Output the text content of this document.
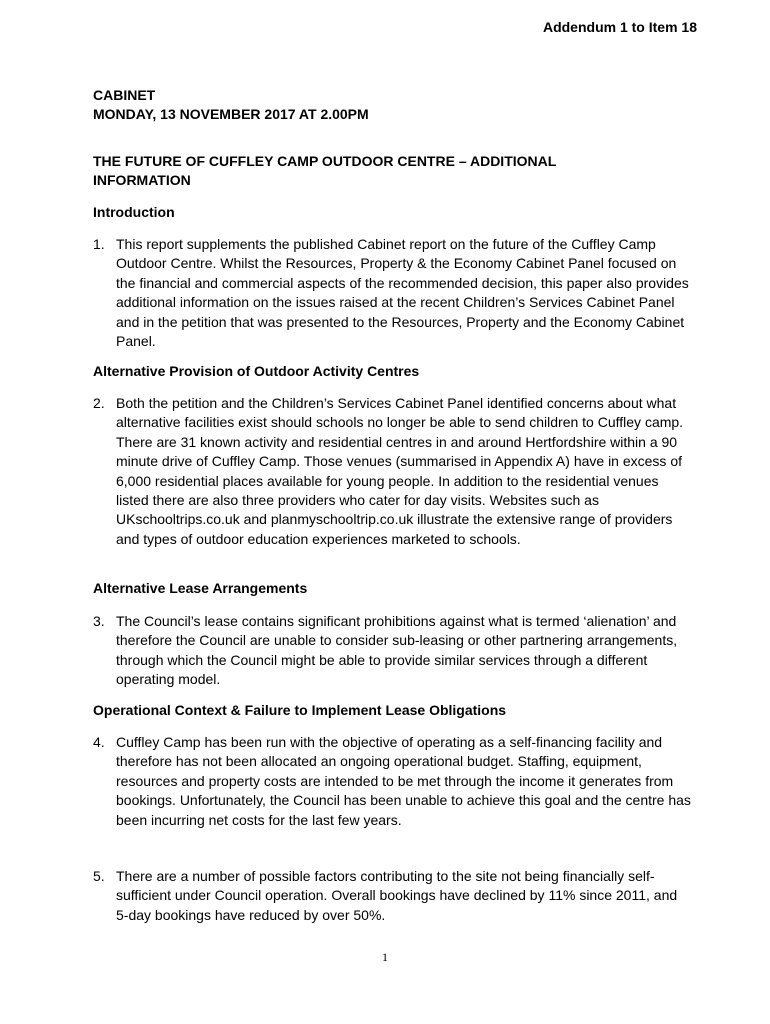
Addendum 1 to Item 18
CABINET
MONDAY, 13 NOVEMBER 2017 AT 2.00PM
THE FUTURE OF CUFFLEY CAMP OUTDOOR CENTRE – ADDITIONAL INFORMATION
Introduction
1. This report supplements the published Cabinet report on the future of the Cuffley Camp Outdoor Centre. Whilst the Resources, Property & the Economy Cabinet Panel focused on the financial and commercial aspects of the recommended decision, this paper also provides additional information on the issues raised at the recent Children’s Services Cabinet Panel and in the petition that was presented to the Resources, Property and the Economy Cabinet Panel.
Alternative Provision of Outdoor Activity Centres
2. Both the petition and the Children’s Services Cabinet Panel identified concerns about what alternative facilities exist should schools no longer be able to send children to Cuffley camp. There are 31 known activity and residential centres in and around Hertfordshire within a 90 minute drive of Cuffley Camp. Those venues (summarised in Appendix A) have in excess of 6,000 residential places available for young people. In addition to the residential venues listed there are also three providers who cater for day visits. Websites such as UKschooltrips.co.uk and planmyschooltrip.co.uk illustrate the extensive range of providers and types of outdoor education experiences marketed to schools.
Alternative Lease Arrangements
3. The Council’s lease contains significant prohibitions against what is termed ‘alienation’ and therefore the Council are unable to consider sub-leasing or other partnering arrangements, through which the Council might be able to provide similar services through a different operating model.
Operational Context & Failure to Implement Lease Obligations
4. Cuffley Camp has been run with the objective of operating as a self-financing facility and therefore has not been allocated an ongoing operational budget. Staffing, equipment, resources and property costs are intended to be met through the income it generates from bookings. Unfortunately, the Council has been unable to achieve this goal and the centre has been incurring net costs for the last few years.
5. There are a number of possible factors contributing to the site not being financially self-sufficient under Council operation. Overall bookings have declined by 11% since 2011, and 5-day bookings have reduced by over 50%.
1
